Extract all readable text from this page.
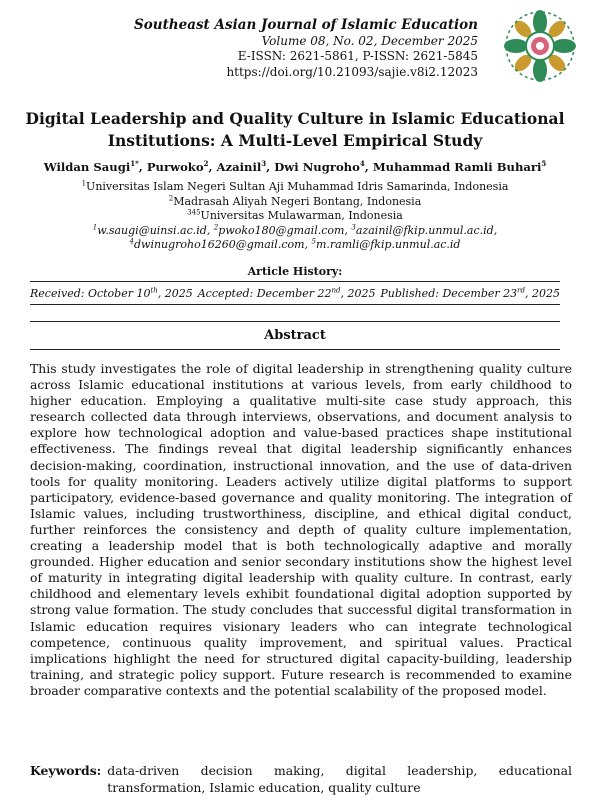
Southeast Asian Journal of Islamic Education
Volume 08, No. 02, December 2025
E-ISSN: 2621-5861, P-ISSN: 2621-5845
https://doi.org/10.21093/sajie.v8i2.12023
Digital Leadership and Quality Culture in Islamic Educational
Institutions: A Multi-Level Empirical Study
Wildan Saugi$^{1*}$, Purwoko$^2$, Azainil$^3$, Dwi Nugroho$^4$, Muhammad Ramli Buhari$^5$
$^1$Universitas Islam Negeri Sultan Aji Muhammad Idris Samarinda, Indonesia
$^2$Madrasah Aliyah Negeri Bontang, Indonesia
$^{345}$Universitas Mulawarman, Indonesia
$^1$w.saugi@uinsi.ac.id, $^2$pwoko180@gmail.com, $^3$azainil@fkip.unmul.ac.id,
$^4$dwinugroho16260@gmail.com, $^5$m.ramli@fkip.unmul.ac.id
Article History:
Received: October 10th, 2025 Accepted: December 22nd, 2025 Published: December 23rd, 2025
Abstract
This study investigates the role of digital leadership in strengthening quality culture across Islamic educational institutions at various levels, from early childhood to higher education. Employing a qualitative multi-site case study approach, this research collected data through interviews, observations, and document analysis to explore how technological adoption and value-based practices shape institutional effectiveness. The findings reveal that digital leadership significantly enhances decision-making, coordination, instructional innovation, and the use of data-driven tools for quality monitoring. Leaders actively utilize digital platforms to support participatory, evidence-based governance and quality monitoring. The integration of Islamic values, including trustworthiness, discipline, and ethical digital conduct, further reinforces the consistency and depth of quality culture implementation, creating a leadership model that is both technologically adaptive and morally grounded. Higher education and senior secondary institutions show the highest level of maturity in integrating digital leadership with quality culture. In contrast, early childhood and elementary levels exhibit foundational digital adoption supported by strong value formation. The study concludes that successful digital transformation in Islamic education requires visionary leaders who can integrate technological competence, continuous quality improvement, and spiritual values. Practical implications highlight the need for structured digital capacity-building, leadership training, and strategic policy support. Future research is recommended to examine broader comparative contexts and the potential scalability of the proposed model.
Keywords: data-driven decision making, digital leadership, educational transformation, Islamic education, quality culture
